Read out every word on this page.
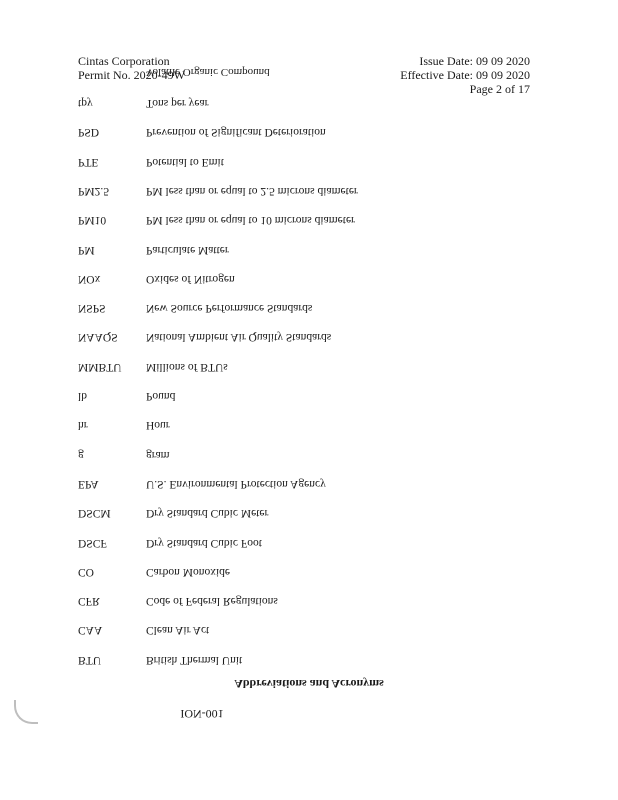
Cintas Corporation
Permit No. 2020-49W
Volatile Organic Compound
Issue Date: 09 09 2020
Effective Date: 09 09 2020
Page 2 of 17
tpy	Tons per year
PSD	Prevention of Significant Deterioration
PTE	Potential to Emit
PM2.5	PM less than or equal to 2.5 microns diameter
PM10	PM less than or equal to 10 microns diameter
PM	Particulate Matter
NOx	Oxides of Nitrogen
NSPS	New Source Performance Standards
NAAQS National Ambient Air Quality Standards
MMBTU Millions of BTUs
lb	Pound
hr	Hour
g	gram
EPA	U.S. Environmental Protection Agency
DSCM	Dry Standard Cubic Meter
DSCF	Dry Standard Cubic Foot
CO	Carbon Monoxide
CFR	Code of Federal Regulations
CAA	Clean Air Act
BTU	British Thermal Unit
Abbreviations and Acronyms
ION-001
